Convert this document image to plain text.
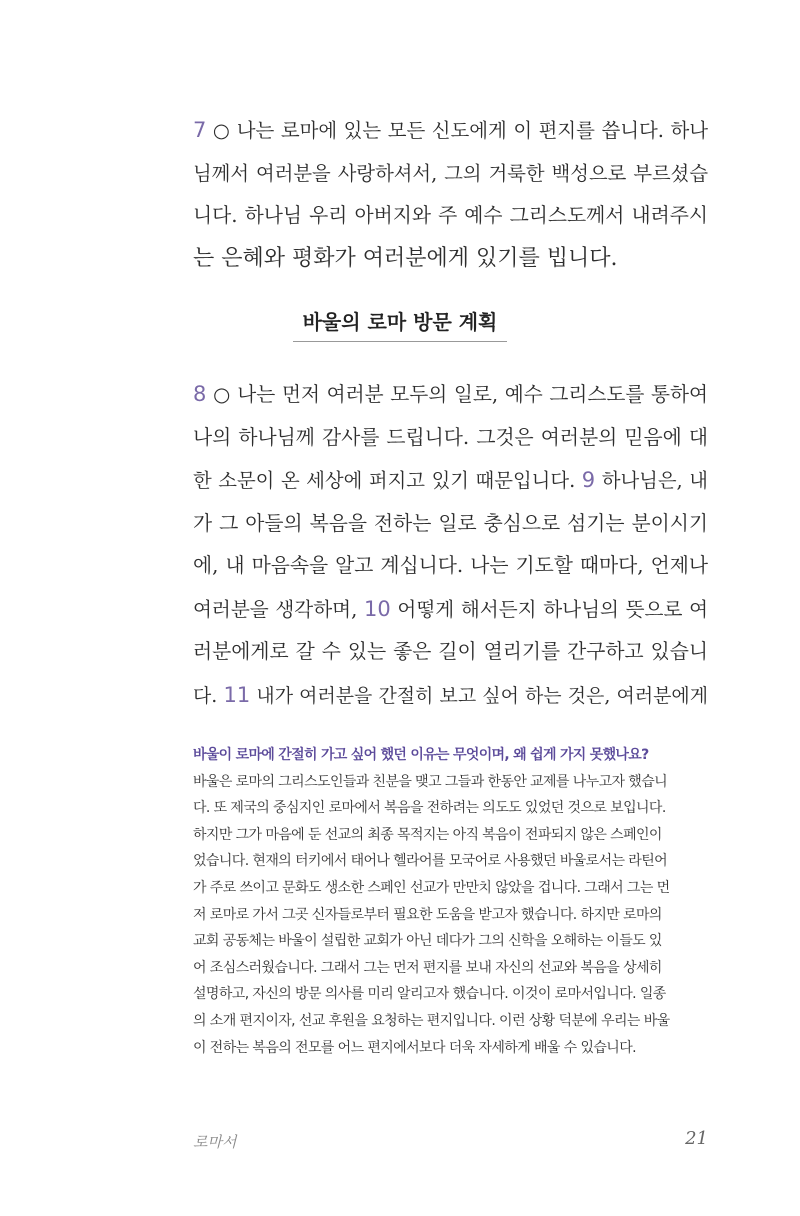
7 ○ 나는 로마에 있는 모든 신도에게 이 편지를 씁니다. 하나
님께서 여러분을 사랑하셔서, 그의 거룩한 백성으로 부르셨습
니다. 하나님 우리 아버지와 주 예수 그리스도께서 내려주시
는 은혜와 평화가 여러분에게 있기를 빕니다.
바울의 로마 방문 계획
8 ○ 나는 먼저 여러분 모두의 일로, 예수 그리스도를 통하여
나의 하나님께 감사를 드립니다. 그것은 여러분의 믿음에 대
한 소문이 온 세상에 퍼지고 있기 때문입니다. 9 하나님은, 내
가 그 아들의 복음을 전하는 일로 충심으로 섬기는 분이시기
에, 내 마음속을 알고 계십니다. 나는 기도할 때마다, 언제나
여러분을 생각하며, 10 어떻게 해서든지 하나님의 뜻으로 여
러분에게로 갈 수 있는 좋은 길이 열리기를 간구하고 있습니
다. 11 내가 여러분을 간절히 보고 싶어 하는 것은, 여러분에게
바울이 로마에 간절히 가고 싶어 했던 이유는 무엇이며, 왜 쉽게 가지 못했나요?
바울은 로마의 그리스도인들과 친분을 맺고 그들과 한동안 교제를 나누고자 했습니
다. 또 제국의 중심지인 로마에서 복음을 전하려는 의도도 있었던 것으로 보입니다.
하지만 그가 마음에 둔 선교의 최종 목적지는 아직 복음이 전파되지 않은 스페인이
었습니다. 현재의 터키에서 태어나 헬라어를 모국어로 사용했던 바울로서는 라틴어
가 주로 쓰이고 문화도 생소한 스페인 선교가 만만치 않았을 겁니다. 그래서 그는 먼
저 로마로 가서 그곳 신자들로부터 필요한 도움을 받고자 했습니다. 하지만 로마의
교회 공동체는 바울이 설립한 교회가 아닌 데다가 그의 신학을 오해하는 이들도 있
어 조심스러웠습니다. 그래서 그는 먼저 편지를 보내 자신의 선교와 복음을 상세히
설명하고, 자신의 방문 의사를 미리 알리고자 했습니다. 이것이 로마서입니다. 일종
의 소개 편지이자, 선교 후원을 요청하는 편지입니다. 이런 상황 덕분에 우리는 바울
이 전하는 복음의 전모를 어느 편지에서보다 더욱 자세하게 배울 수 있습니다.
로마서	21
